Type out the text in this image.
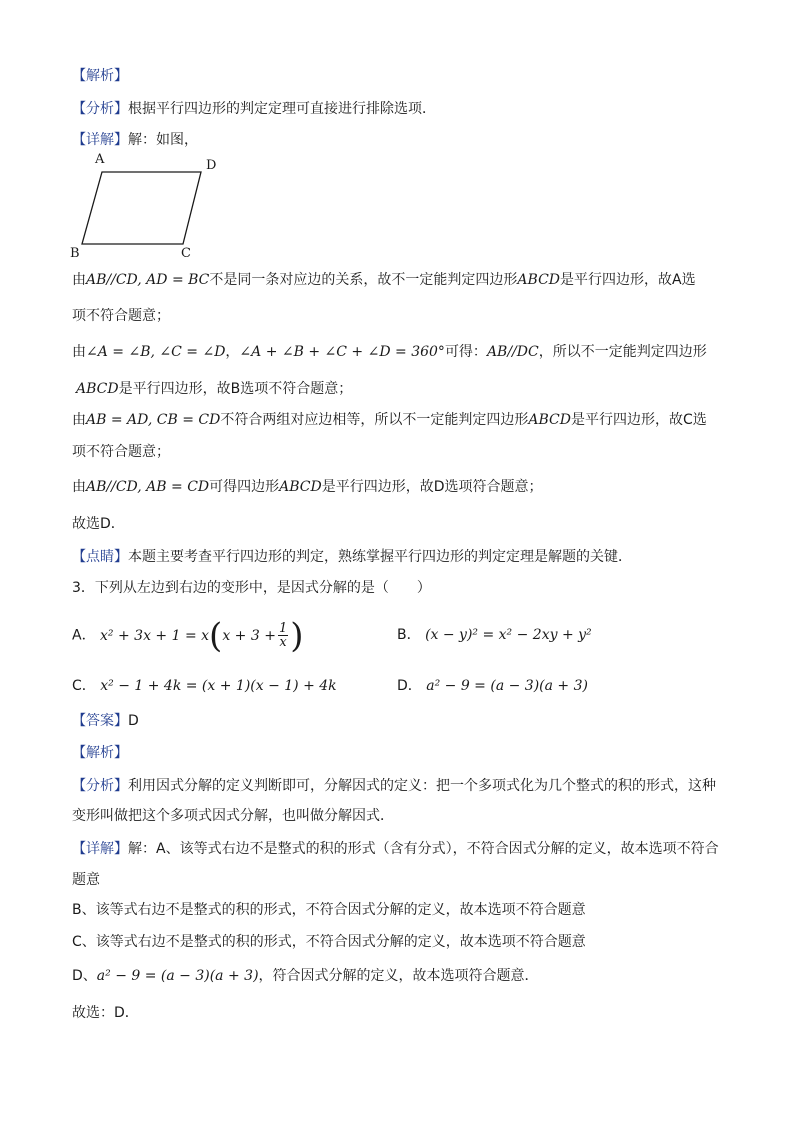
【解析】
【分析】根据平行四边形的判定定理可直接进行排除选项．
【详解】解：如图，
A	D
B	C
由AB//CD, AD = BC不是同一条对应边的关系，故不一定能判定四边形ABCD是平行四边形，故A选
项不符合题意；
由∠A = ∠B, ∠C = ∠D，∠A + ∠B + ∠C + ∠D = 360°可得：AB//DC，所以不一定能判定四边形
ABCD是平行四边形，故B选项不符合题意；
由AB = AD, CB = CD不符合两组对应边相等，所以不一定能判定四边形ABCD是平行四边形，故C选
项不符合题意；
由AB//CD, AB = CD可得四边形ABCD是平行四边形，故D选项符合题意；
故选D．
【点睛】本题主要考查平行四边形的判定，熟练掌握平行四边形的判定定理是解题的关键．
3．下列从左边到右边的变形中，是因式分解的是（　　）
A． $x^2 + 3x + 1 = x(x + 3 + \frac{1}{x}$ )	B． (x − y)² = x² − 2xy + y²
C． x² − 1 + 4k = (x + 1)(x − 1) + 4k	D． a² − 9 = (a − 3)(a + 3)
【答案】D
【解析】
【分析】利用因式分解的定义判断即可，分解因式的定义：把一个多项式化为几个整式的积的形式，这种
变形叫做把这个多项式因式分解，也叫做分解因式．
【详解】解：A、该等式右边不是整式的积的形式（含有分式），不符合因式分解的定义，故本选项不符合
题意
B、该等式右边不是整式的积的形式，不符合因式分解的定义，故本选项不符合题意
C、该等式右边不是整式的积的形式，不符合因式分解的定义，故本选项不符合题意
D、a² − 9 = (a − 3)(a + 3)，符合因式分解的定义，故本选项符合题意．
故选：D．
